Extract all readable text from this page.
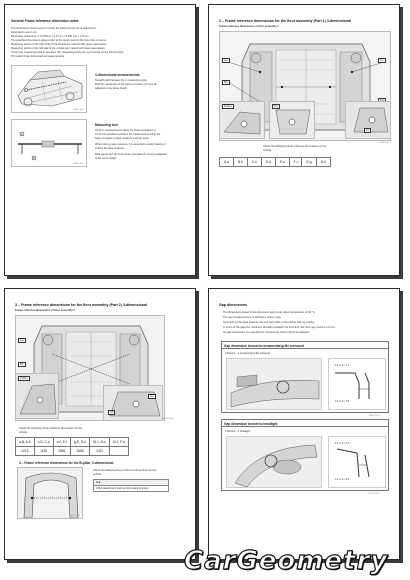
General Frame tolerance dimension notes
The dimensions shown serve to check the body and the car of attachment.
Dimensions are in mm.
Dimension tolerances: ±. # 600mm = 1.5 mm > # 600 mm = 2.5 mm
The specified dimensions always refer to the centre point of the bore hole or screw.
Measuring points on the right side of the vehicle are marked with upper-case letters.
Measuring points on the left side of the vehicle are marked with lower-case letters.
If only one measuring point is specified, the measuring points are symmetrical on the left and right.
The select three 3-dimensional measurements
1
BMF13-0001
3-dimensional measurements
Straight path between the 2 measuring points
Both the gauge tips of the beam compass (1) must be
adjusted to the same height
1
2
BMF13-0002
Measuring tool
Perform measurements using the beam compass (1).
If it is not possible to perform the measurement using the
beam compass, a tape measure must be used.
When using a tape measure, it is essential to avoid making or
striking the tape measure.
Both gauge tips (2) of the beam compass (1) must be adjusted
to the same height.
2 – Frame reference dimensions for the floor assembly (Part 1) 3-dimensional
Frame reference dimensions of floor assembly 1
A,a
B,b
C,c
D,d,E,e	H,h
F,f
BMF13-0003
Check the following frame reference dimensions on the
vehicle:
A-a	B-b	C-c	D-d	E-e	F-f	G-g	H-h
3 – Frame reference dimensions for the floor assembly (Part 2) 3-dimensional
Frame reference dimensions of floor assembly 2
A,a
B,b
D,d,E,e
N,n
K,k
BMF13-0004
Check the following frame reference dimensions on the
vehicle:
a-B, A-b	c-D, C-d	e-F, E-f	g-E, G-e	M-1, N-n	N-1, F-b
1213	1192	2852	1666	1421	
4 – Frame reference dimensions for the B-pillar, 3-dimensional
BMF13-0005
Check the following frame reference dimensions on the
vehicle:
A-a
1342 (attachment point on the retaining strap)
Gap dimensions
The dimensions stated in this document apply at an object temperature of 20 °C.
The gap of adjustment is to achieve a uniform gap.
Symmetry of the gaps between left and right sides of the vehicle has top priority.
In terms of the gaps the maximum deviation between the front and rear door gap must be 1.0 mm.
No gap dimensions are specified for components which cannot be adjusted.
Gap dimension bonnet to ornamental grille surround
1 Bonnet - 2 ornamental grille surround
4.0 +1.0 / -1.0
0.5 +1.0 / -0.5
Gap dimension bonnet to headlight
1 Bonnet - 2 headlight
4.0 +1.0 / -1.0
0.5 +1.0 / -0.5
BMF13-0006
BMF13-0007
CarGeometry
